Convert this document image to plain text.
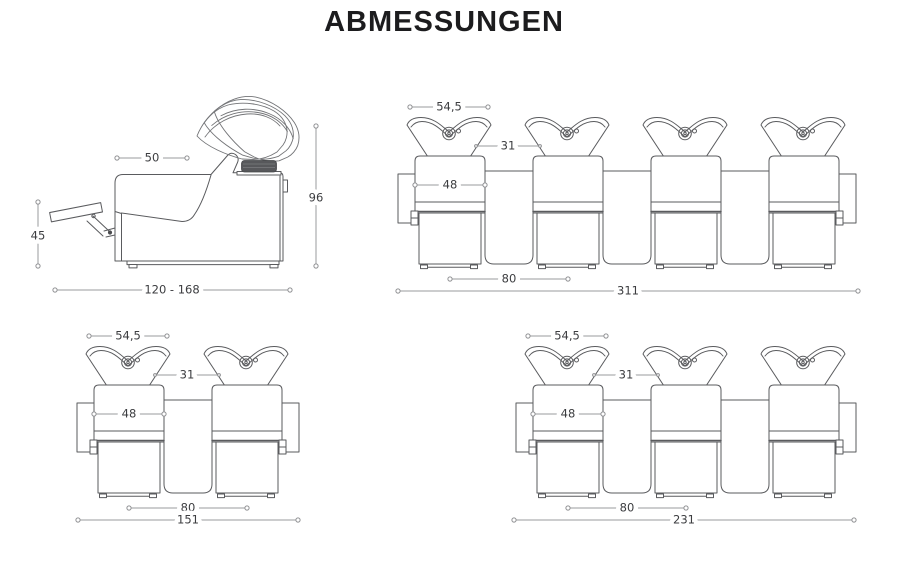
ABMESSUNGEN
50
96
45
120 - 168
54,5
31
48
80
311
54,5
31
48
80
151
54,5
31
48
80
231
